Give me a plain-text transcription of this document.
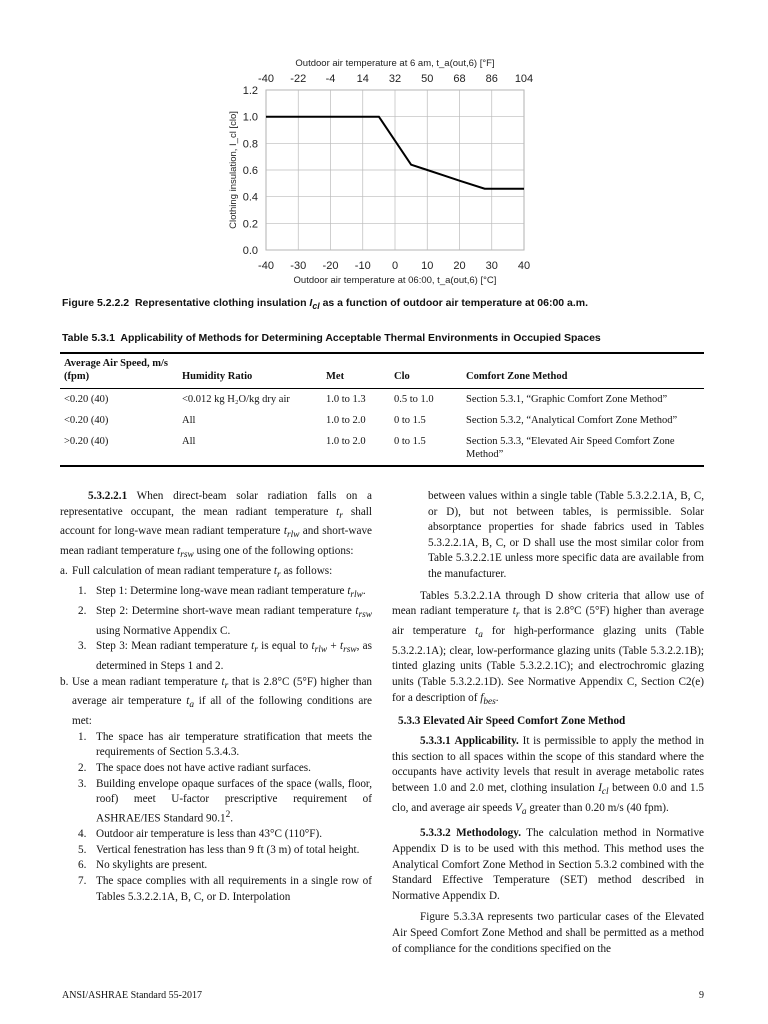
Outdoor air temperature at 6 am, t_a(out,6) [°F]
-40 -22 -4 14 32 50 68 86 104
0.0
0.2
0.4
0.6
0.8
1.0
1.2
-40 -30 -20 -10 0 10 20 30 40
Outdoor air temperature at 06:00, t_a(out,6) [°C]
Clothing insulation, I_cl [clo]
Figure 5.2.2.2 Representative clothing insulation $I_{cl}$ as a function of outdoor air temperature at 06:00 a.m.
Table 5.3.1 Applicability of Methods for Determining Acceptable Thermal Environments in Occupied Spaces
Average Air Speed, m/s (fpm)	Humidity Ratio	Met	Clo	Comfort Zone Method
<0.20 (40)	<0.012 kg H₂O/kg dry air	1.0 to 1.3	0.5 to 1.0	Section 5.3.1, “Graphic Comfort Zone Method”
<0.20 (40)	All	1.0 to 2.0	0 to 1.5	Section 5.3.2, “Analytical Comfort Zone Method”
>0.20 (40)	All	1.0 to 2.0	0 to 1.5	Section 5.3.3, “Elevated Air Speed Comfort Zone Method”

5.3.2.2.1 When direct-beam solar radiation falls on a representative occupant, the mean radiant temperature $t_r$ shall account for long-wave mean radiant temperature $t_{rlw}$ and short-wave mean radiant temperature $t_{rsw}$ using one of the following options:

a. Full calculation of mean radiant temperature $t_r$ as follows:
1. Step 1: Determine long-wave mean radiant temperature $t_{rlw}$.
2. Step 2: Determine short-wave mean radiant temperature $t_{rsw}$ using Normative Appendix C.
3. Step 3: Mean radiant temperature $t_r$ is equal to $t_{rlw} + t_{rsw}$, as determined in Steps 1 and 2.
b. Use a mean radiant temperature $t_r$ that is 2.8°C (5°F) higher than average air temperature $t_a$ if all of the following conditions are met:
1. The space has air temperature stratification that meets the requirements of Section 5.3.4.3.
2. The space does not have active radiant surfaces.
3. Building envelope opaque surfaces of the space (walls, floor, roof) meet U-factor prescriptive requirement of ASHRAE/IES Standard 90.1$^2$.
4. Outdoor air temperature is less than 43°C (110°F).
5. Vertical fenestration has less than 9 ft (3 m) of total height.
6. No skylights are present.
7. The space complies with all requirements in a single row of Tables 5.3.2.2.1A, B, C, or D. Interpolation

between values within a single table (Table 5.3.2.2.1A, B, C, or D), but not between tables, is permissible. Solar absorptance properties for shade fabrics used in Tables 5.3.2.2.1A, B, C, or D shall use the most similar color from Table 5.3.2.2.1E unless more specific data are available from the manufacturer.

Tables 5.3.2.2.1A through D show criteria that allow use of mean radiant temperature $t_r$ that is 2.8°C (5°F) higher than average air temperature $t_a$ for high-performance glazing units (Table 5.3.2.2.1A); clear, low-performance glazing units (Table 5.3.2.2.1B); tinted glazing units (Table 5.3.2.2.1C); and electrochromic glazing units (Table 5.3.2.2.1D). See Normative Appendix C, Section C2(e) for a description of $f_{bes}$.

5.3.3 Elevated Air Speed Comfort Zone Method

5.3.3.1 Applicability. It is permissible to apply the method in this section to all spaces within the scope of this standard where the occupants have activity levels that result in average metabolic rates between 1.0 and 2.0 met, clothing insulation $I_{cl}$ between 0.0 and 1.5 clo, and average air speeds $V_a$ greater than 0.20 m/s (40 fpm).

5.3.3.2 Methodology. The calculation method in Normative Appendix D is to be used with this method. This method uses the Analytical Comfort Zone Method in Section 5.3.2 combined with the Standard Effective Temperature (SET) method described in Normative Appendix D.

Figure 5.3.3A represents two particular cases of the Elevated Air Speed Comfort Zone Method and shall be permitted as a method of compliance for the conditions specified on the

ANSI/ASHRAE Standard 55-2017	9
